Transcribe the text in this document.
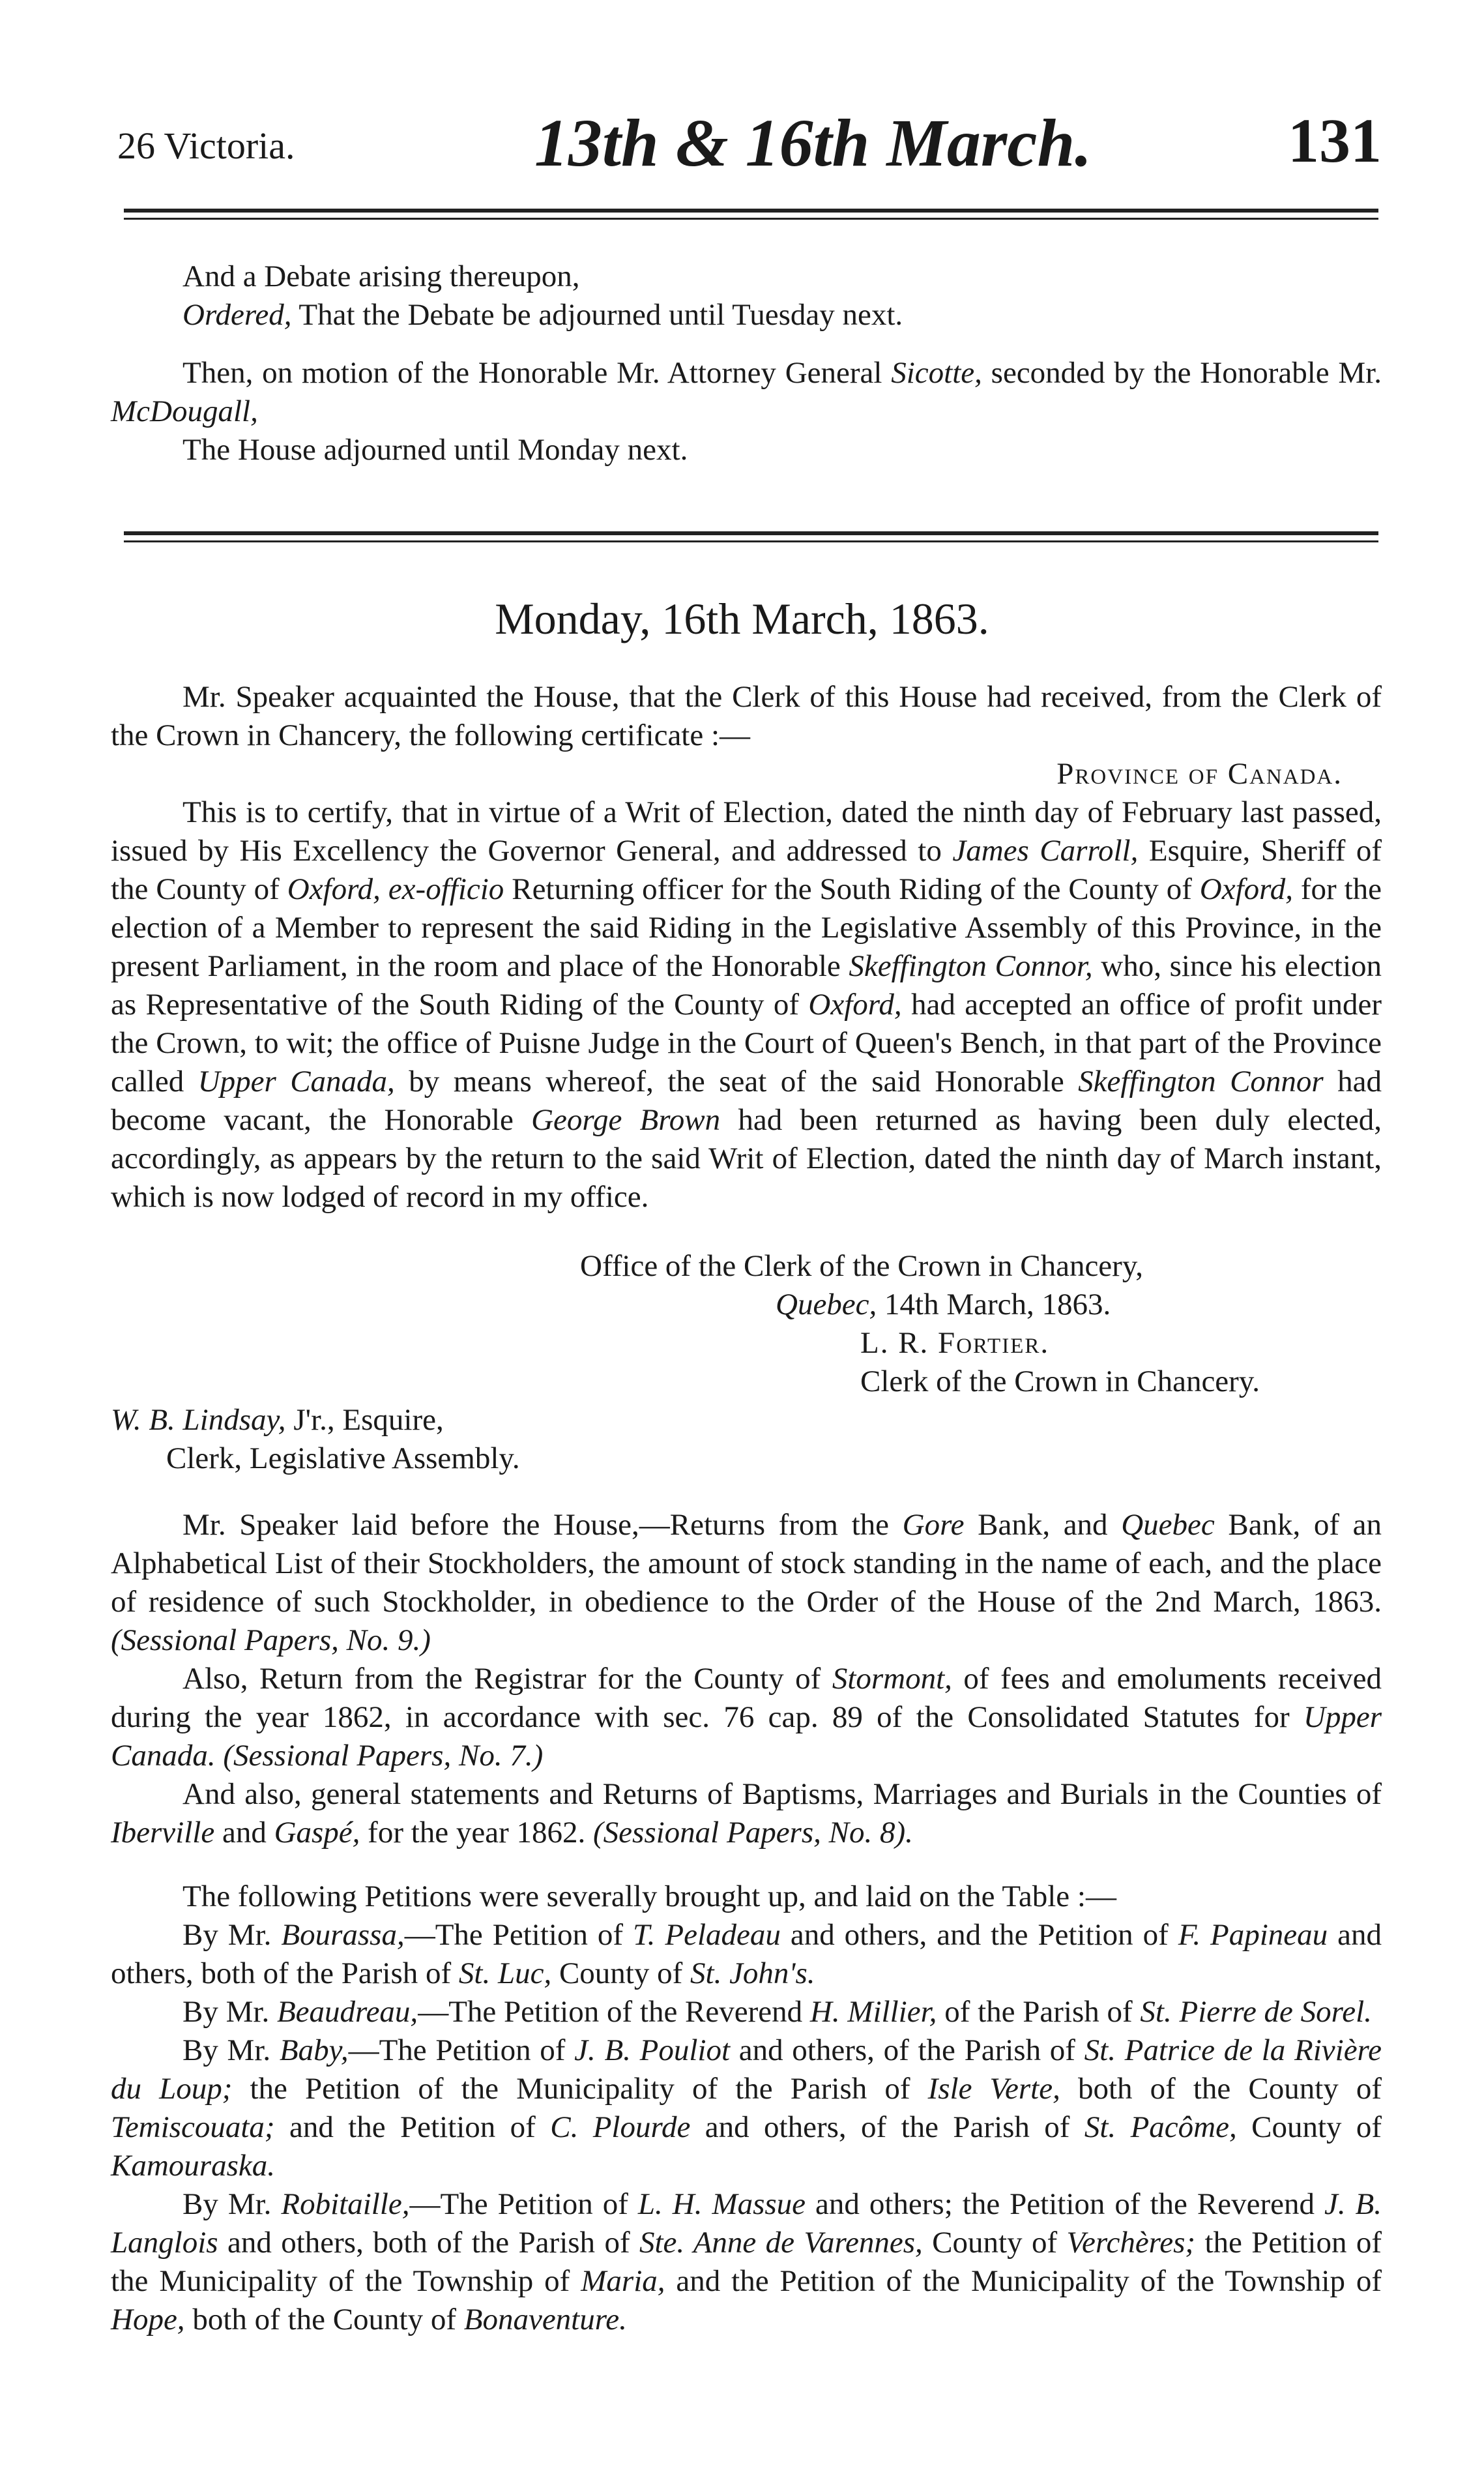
26 Victoria.	13th & 16th March.	131

And a Debate arising thereupon,

Ordered, That the Debate be adjourned until Tuesday next.

Then, on motion of the Honorable Mr. Attorney General Sicotte, seconded by the Honorable Mr. McDougall,

The House adjourned until Monday next.

Monday, 16th March, 1863.

Mr. Speaker acquainted the House, that the Clerk of this House had received, from the Clerk of the Crown in Chancery, the following certificate :—

Province of Canada.

This is to certify, that in virtue of a Writ of Election, dated the ninth day of February last passed, issued by His Excellency the Governor General, and addressed to James Carroll, Esquire, Sheriff of the County of Oxford, ex-officio Returning officer for the South Riding of the County of Oxford, for the election of a Member to represent the said Riding in the Legislative Assembly of this Province, in the present Parliament, in the room and place of the Honorable Skeffington Connor, who, since his election as Representative of the South Riding of the County of Oxford, had accepted an office of profit under the Crown, to wit; the office of Puisne Judge in the Court of Queen's Bench, in that part of the Province called Upper Canada, by means whereof, the seat of the said Honorable Skeffington Connor had become vacant, the Honorable George Brown had been returned as having been duly elected, accordingly, as appears by the return to the said Writ of Election, dated the ninth day of March instant, which is now lodged of record in my office.

Office of the Clerk of the Crown in Chancery,
Quebec, 14th March, 1863.
L. R. Fortier.
Clerk of the Crown in Chancery.
W. B. Lindsay, J'r., Esquire,
Clerk, Legislative Assembly.

Mr. Speaker laid before the House,—Returns from the Gore Bank, and Quebec Bank, of an Alphabetical List of their Stockholders, the amount of stock standing in the name of each, and the place of residence of such Stockholder, in obedience to the Order of the House of the 2nd March, 1863. (Sessional Papers, No. 9.)

Also, Return from the Registrar for the County of Stormont, of fees and emoluments received during the year 1862, in accordance with sec. 76 cap. 89 of the Consolidated Statutes for Upper Canada. (Sessional Papers, No. 7.)

And also, general statements and Returns of Baptisms, Marriages and Burials in the Counties of Iberville and Gaspé, for the year 1862. (Sessional Papers, No. 8).

The following Petitions were severally brought up, and laid on the Table :—

By Mr. Bourassa,—The Petition of T. Peladeau and others, and the Petition of F. Papineau and others, both of the Parish of St. Luc, County of St. John's.

By Mr. Beaudreau,—The Petition of the Reverend H. Millier, of the Parish of St. Pierre de Sorel.

By Mr. Baby,—The Petition of J. B. Pouliot and others, of the Parish of St. Patrice de la Rivière du Loup; the Petition of the Municipality of the Parish of Isle Verte, both of the County of Temiscouata; and the Petition of C. Plourde and others, of the Parish of St. Pacôme, County of Kamouraska.

By Mr. Robitaille,—The Petition of L. H. Massue and others; the Petition of the Reverend J. B. Langlois and others, both of the Parish of Ste. Anne de Varennes, County of Verchères; the Petition of the Municipality of the Township of Maria, and the Petition of the Municipality of the Township of Hope, both of the County of Bonaventure.
